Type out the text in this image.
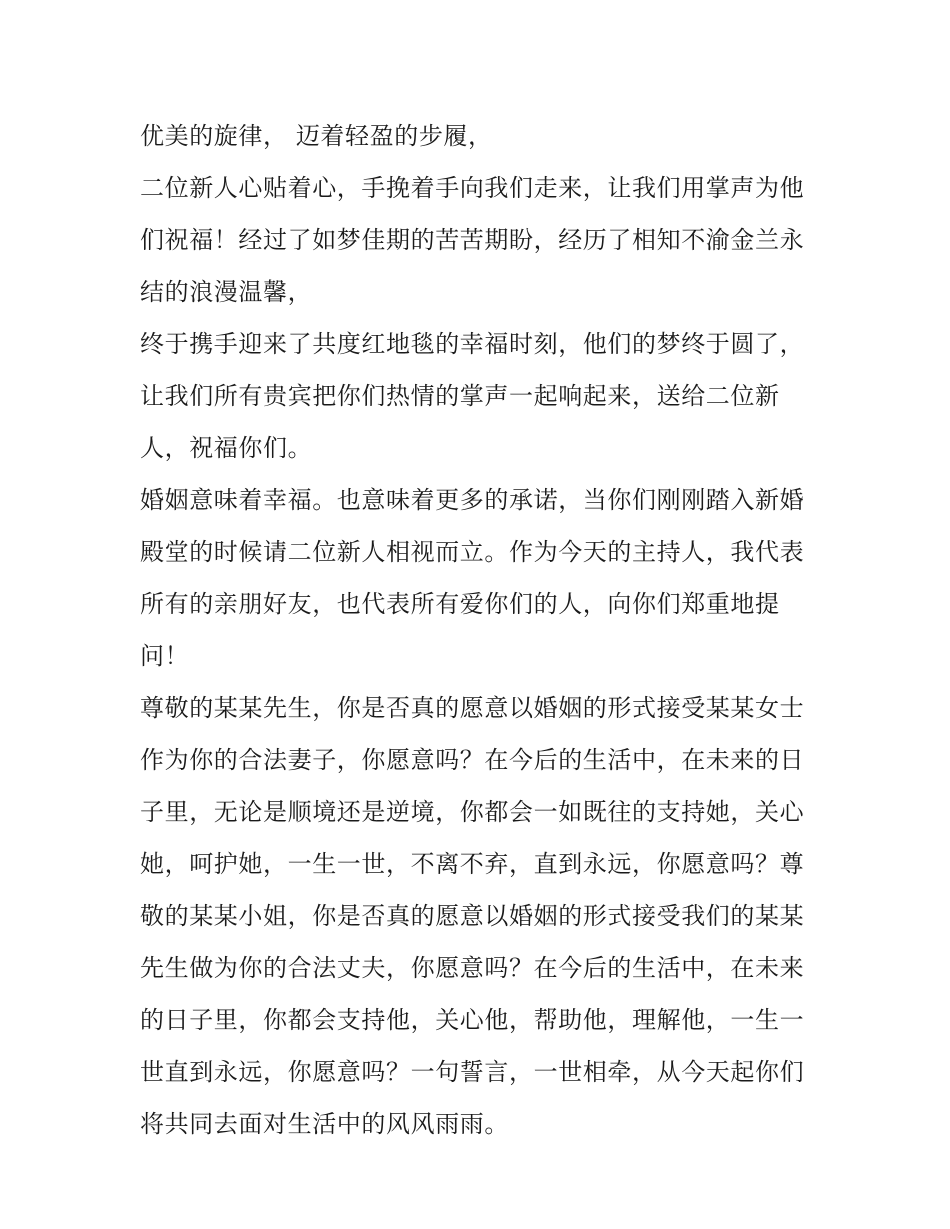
优美的旋律， 迈着轻盈的步履，
二位新人心贴着心，手挽着手向我们走来，让我们用掌声为他
们祝福！经过了如梦佳期的苦苦期盼，经历了相知不渝金兰永
结的浪漫温馨，
终于携手迎来了共度红地毯的幸福时刻，他们的梦终于圆了，
让我们所有贵宾把你们热情的掌声一起响起来，送给二位新
人，祝福你们。
婚姻意味着幸福。也意味着更多的承诺，当你们刚刚踏入新婚
殿堂的时候请二位新人相视而立。作为今天的主持人，我代表
所有的亲朋好友，也代表所有爱你们的人，向你们郑重地提
问！
尊敬的某某先生，你是否真的愿意以婚姻的形式接受某某女士
作为你的合法妻子，你愿意吗？在今后的生活中，在未来的日
子里，无论是顺境还是逆境，你都会一如既往的支持她，关心
她，呵护她，一生一世，不离不弃，直到永远，你愿意吗？尊
敬的某某小姐，你是否真的愿意以婚姻的形式接受我们的某某
先生做为你的合法丈夫，你愿意吗？在今后的生活中，在未来
的日子里，你都会支持他，关心他，帮助他，理解他，一生一
世直到永远，你愿意吗？一句誓言，一世相牵，从今天起你们
将共同去面对生活中的风风雨雨。
